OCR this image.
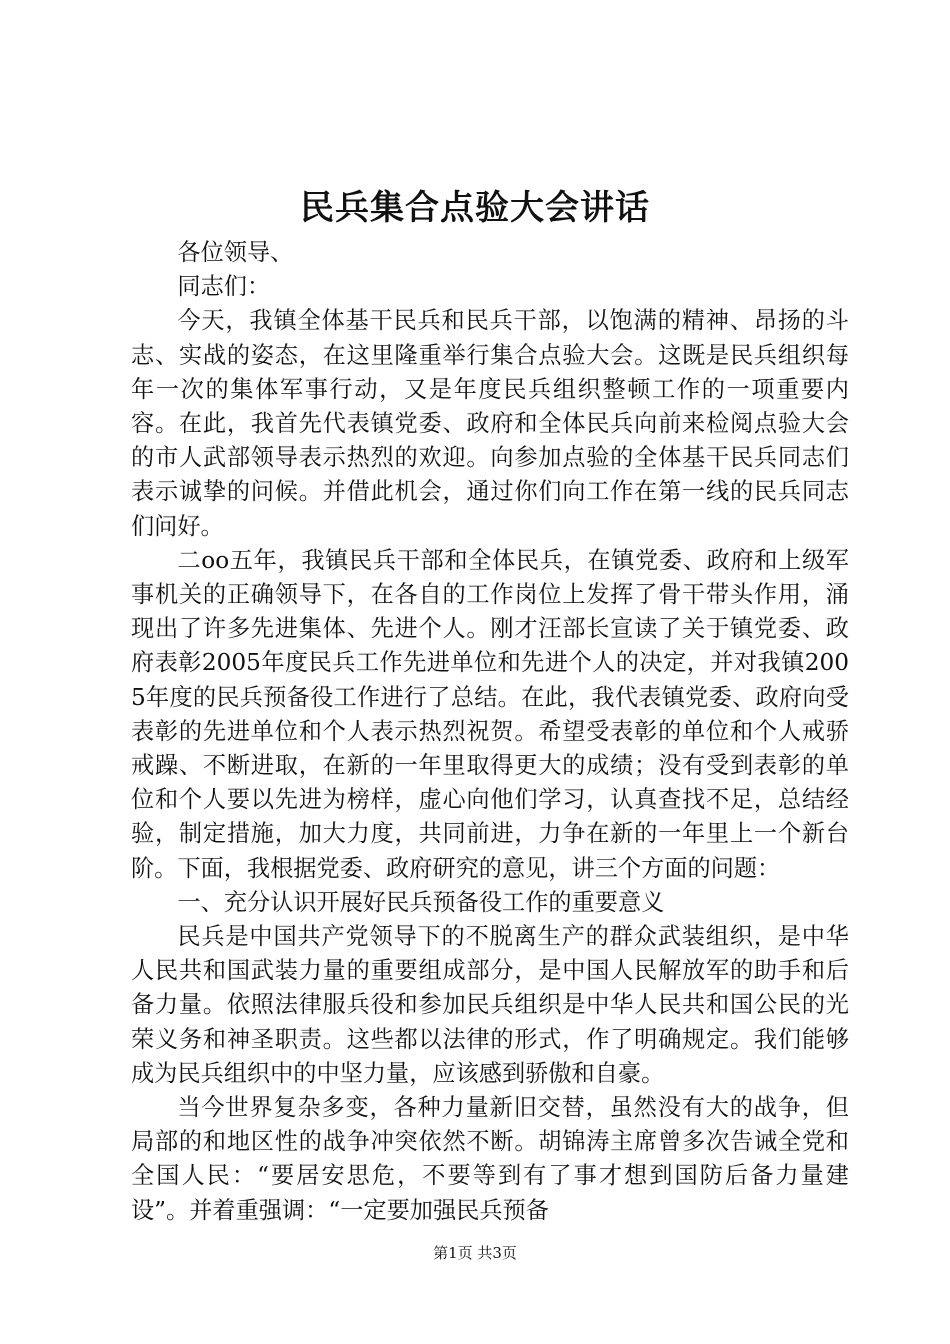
民兵集合点验大会讲话

各位领导、

同志们：

今天，我镇全体基干民兵和民兵干部，以饱满的精神、昂扬的斗志、实战的姿态，在这里隆重举行集合点验大会。这既是民兵组织每年一次的集体军事行动，又是年度民兵组织整顿工作的一项重要内容。在此，我首先代表镇党委、政府和全体民兵向前来检阅点验大会的市人武部领导表示热烈的欢迎。向参加点验的全体基干民兵同志们表示诚挚的问候。并借此机会，通过你们向工作在第一线的民兵同志们问好。

二oo五年，我镇民兵干部和全体民兵，在镇党委、政府和上级军事机关的正确领导下，在各自的工作岗位上发挥了骨干带头作用，涌现出了许多先进集体、先进个人。刚才汪部长宣读了关于镇党委、政府表彰2005年度民兵工作先进单位和先进个人的决定，并对我镇2005年度的民兵预备役工作进行了总结。在此，我代表镇党委、政府向受表彰的先进单位和个人表示热烈祝贺。希望受表彰的单位和个人戒骄戒躁、不断进取，在新的一年里取得更大的成绩；没有受到表彰的单位和个人要以先进为榜样，虚心向他们学习，认真查找不足，总结经验，制定措施，加大力度，共同前进，力争在新的一年里上一个新台阶。下面，我根据党委、政府研究的意见，讲三个方面的问题：

一、充分认识开展好民兵预备役工作的重要意义

民兵是中国共产党领导下的不脱离生产的群众武装组织，是中华人民共和国武装力量的重要组成部分，是中国人民解放军的助手和后备力量。依照法律服兵役和参加民兵组织是中华人民共和国公民的光荣义务和神圣职责。这些都以法律的形式，作了明确规定。我们能够成为民兵组织中的中坚力量，应该感到骄傲和自豪。

当今世界复杂多变，各种力量新旧交替，虽然没有大的战争，但局部的和地区性的战争冲突依然不断。胡锦涛主席曾多次告诫全党和全国人民：“要居安思危，不要等到有了事才想到国防后备力量建设”。并着重强调：“一定要加强民兵预备

第1页 共3页
